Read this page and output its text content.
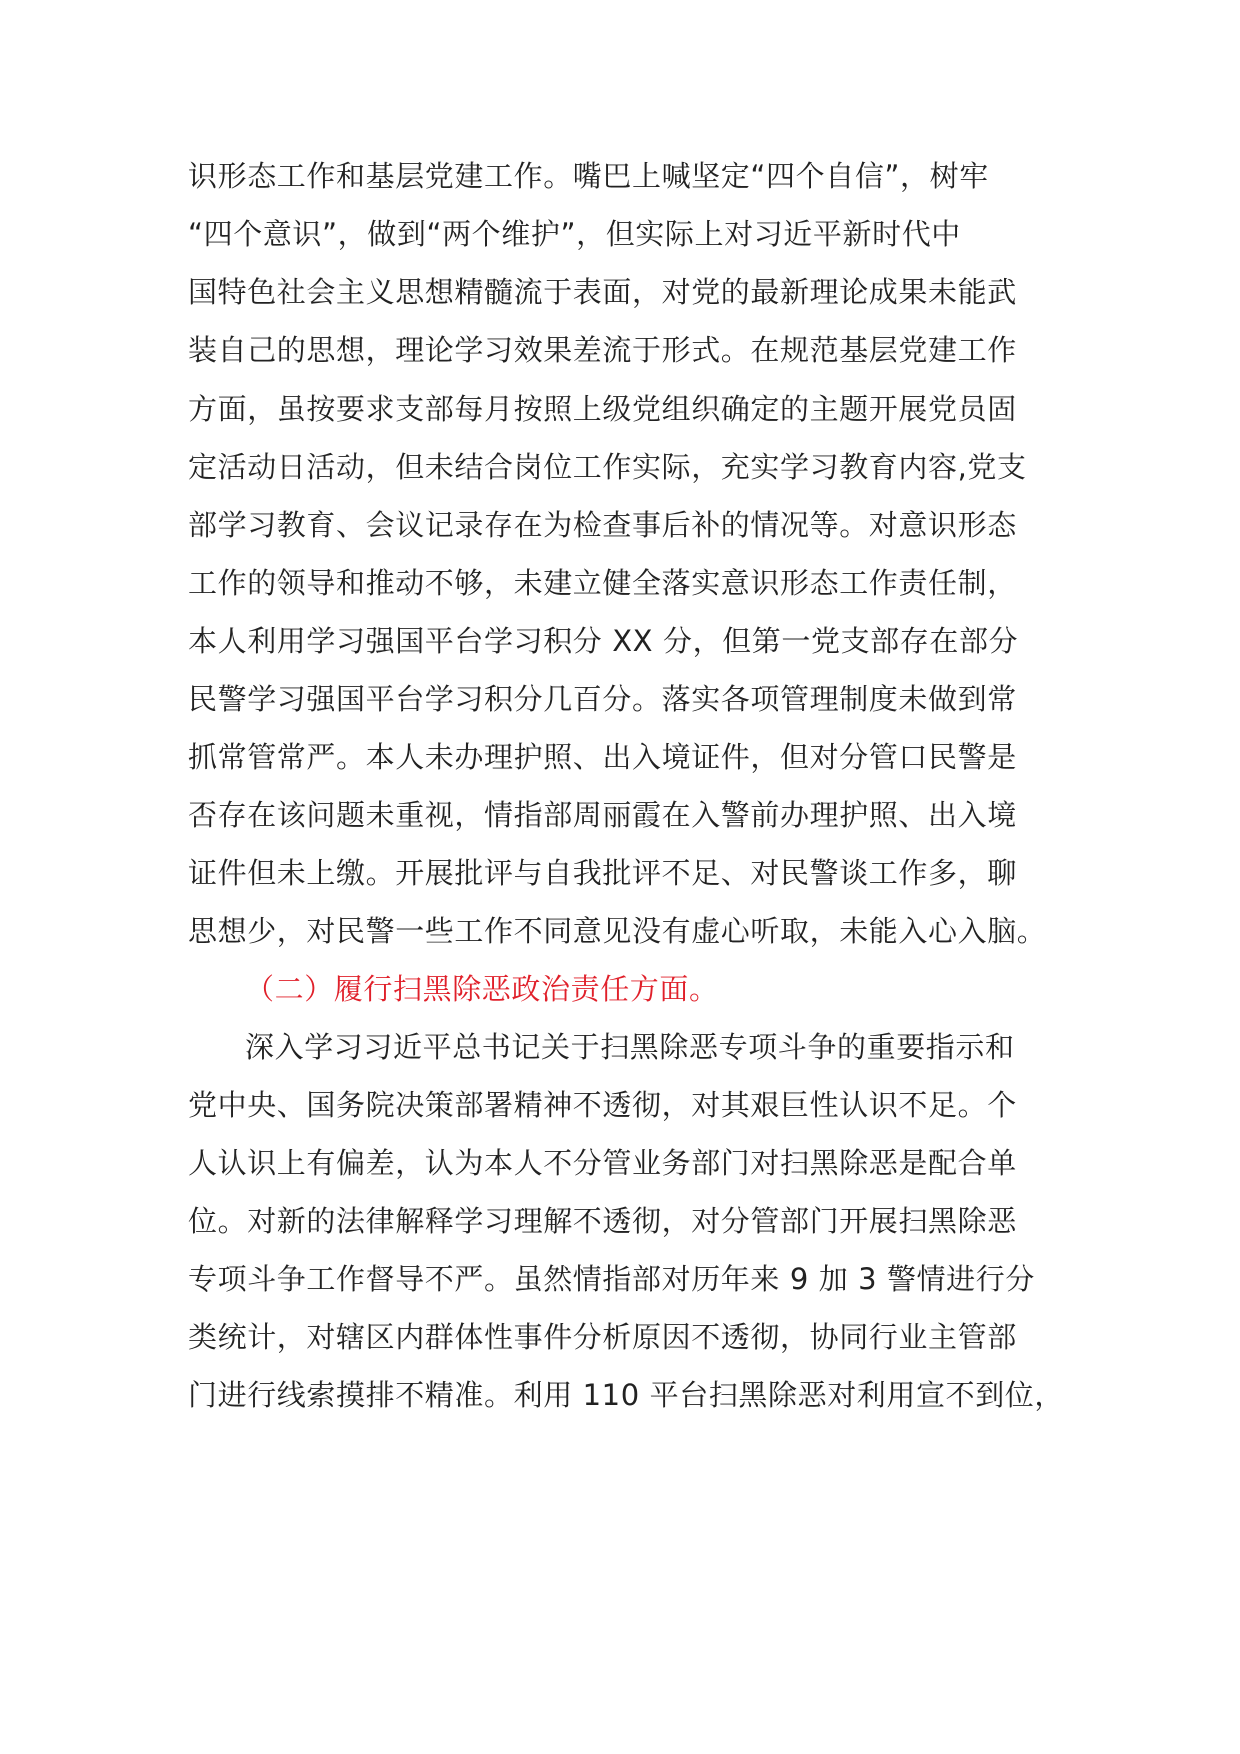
识形态工作和基层党建工作。嘴巴上喊坚定“四个自信”，树牢
“四个意识”，做到“两个维护”，但实际上对习近平新时代中
国特色社会主义思想精髓流于表面，对党的最新理论成果未能武
装自己的思想，理论学习效果差流于形式。在规范基层党建工作
方面，虽按要求支部每月按照上级党组织确定的主题开展党员固
定活动日活动，但未结合岗位工作实际，充实学习教育内容,党支
部学习教育、会议记录存在为检查事后补的情况等。对意识形态
工作的领导和推动不够，未建立健全落实意识形态工作责任制，
本人利用学习强国平台学习积分 XX 分，但第一党支部存在部分
民警学习强国平台学习积分几百分。落实各项管理制度未做到常
抓常管常严。本人未办理护照、出入境证件，但对分管口民警是
否存在该问题未重视，情指部周丽霞在入警前办理护照、出入境
证件但未上缴。开展批评与自我批评不足、对民警谈工作多，聊
思想少，对民警一些工作不同意见没有虚心听取，未能入心入脑。
（二）履行扫黑除恶政治责任方面。
深入学习习近平总书记关于扫黑除恶专项斗争的重要指示和
党中央、国务院决策部署精神不透彻，对其艰巨性认识不足。个
人认识上有偏差，认为本人不分管业务部门对扫黑除恶是配合单
位。对新的法律解释学习理解不透彻，对分管部门开展扫黑除恶
专项斗争工作督导不严。虽然情指部对历年来 9 加 3 警情进行分
类统计，对辖区内群体性事件分析原因不透彻，协同行业主管部
门进行线索摸排不精准。利用 110 平台扫黑除恶对利用宣不到位，
